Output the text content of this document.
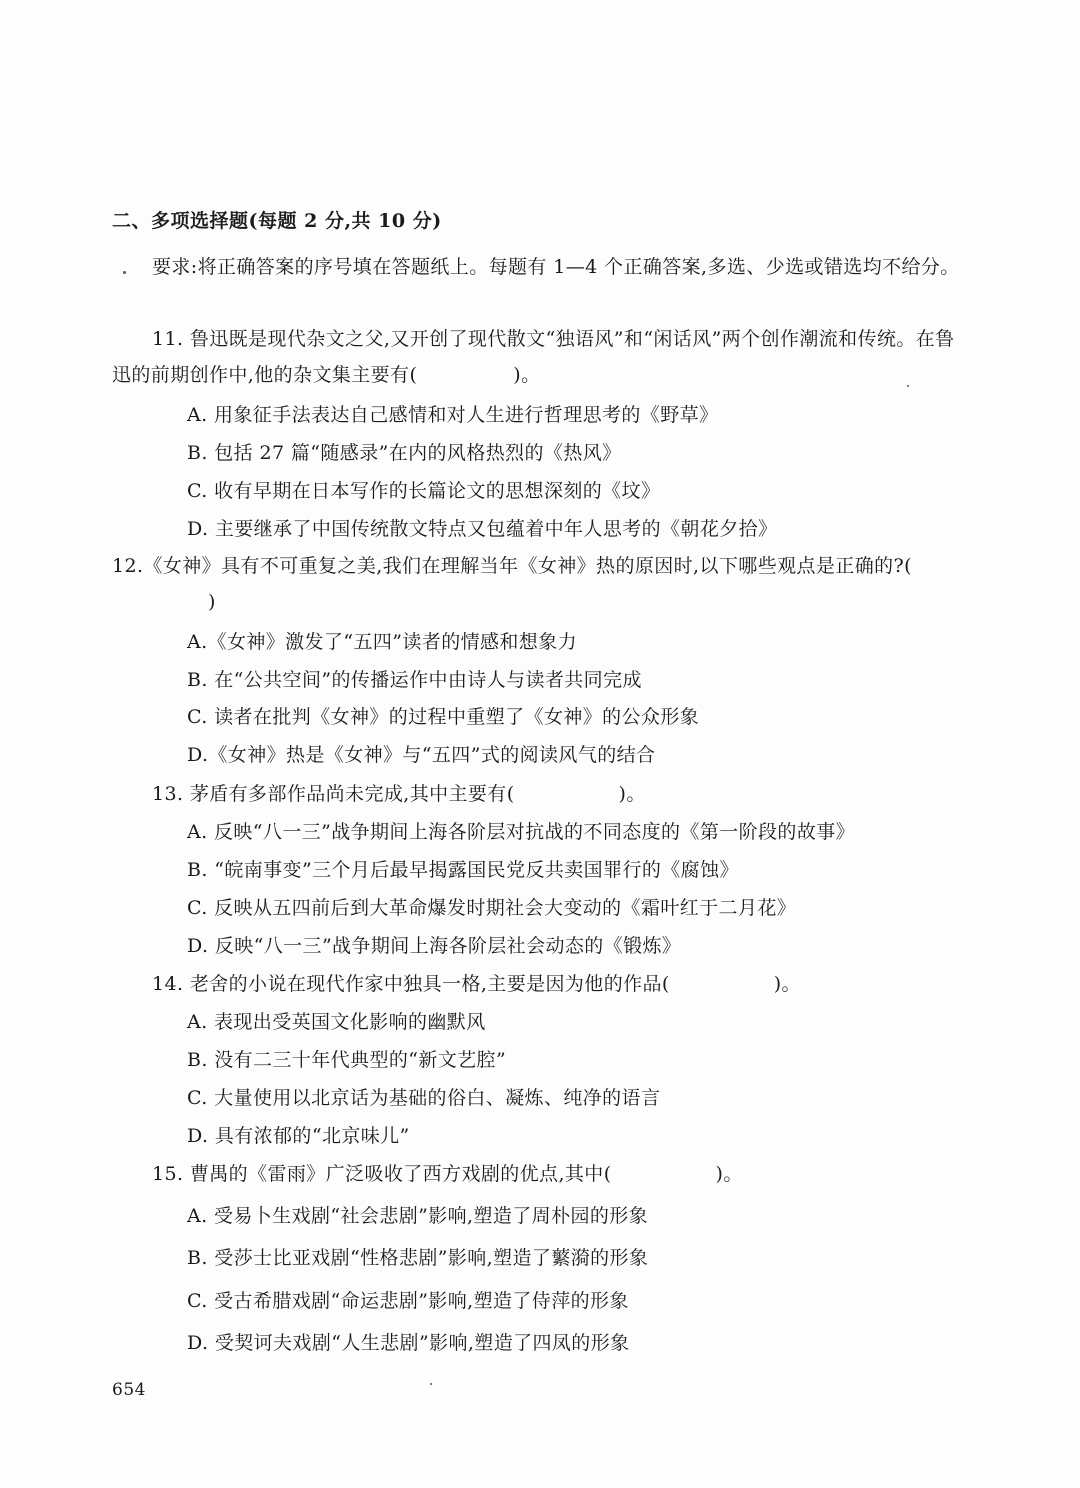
二、多项选择题(每题 2 分,共 10 分)
要求:将正确答案的序号填在答题纸上。每题有 1—4 个正确答案,多选、少选或错选均不给分。
11. 鲁迅既是现代杂文之父,又开创了现代散文“独语风”和“闲话风”两个创作潮流和传统。在鲁迅的前期创作中,他的杂文集主要有(	)。
A. 用象征手法表达自己感情和对人生进行哲理思考的《野草》
B. 包括 27 篇“随感录”在内的风格热烈的《热风》
C. 收有早期在日本写作的长篇论文的思想深刻的《坟》
D. 主要继承了中国传统散文特点又包蕴着中年人思考的《朝花夕拾》
12.《女神》具有不可重复之美,我们在理解当年《女神》热的原因时,以下哪些观点是正确的?()
A.《女神》激发了“五四”读者的情感和想象力
B. 在“公共空间”的传播运作中由诗人与读者共同完成
C. 读者在批判《女神》的过程中重塑了《女神》的公众形象
D.《女神》热是《女神》与“五四”式的阅读风气的结合
13. 茅盾有多部作品尚未完成,其中主要有(	)。
A. 反映“八一三”战争期间上海各阶层对抗战的不同态度的《第一阶段的故事》
B. “皖南事变”三个月后最早揭露国民党反共卖国罪行的《腐蚀》
C. 反映从五四前后到大革命爆发时期社会大变动的《霜叶红于二月花》
D. 反映“八一三”战争期间上海各阶层社会动态的《锻炼》
14. 老舍的小说在现代作家中独具一格,主要是因为他的作品(	)。
A. 表现出受英国文化影响的幽默风
B. 没有二三十年代典型的“新文艺腔”
C. 大量使用以北京话为基础的俗白、凝炼、纯净的语言
D. 具有浓郁的“北京味儿”
15. 曹禺的《雷雨》广泛吸收了西方戏剧的优点,其中(	)。
A. 受易卜生戏剧“社会悲剧”影响,塑造了周朴园的形象
B. 受莎士比亚戏剧“性格悲剧”影响,塑造了蘩漪的形象
C. 受古希腊戏剧“命运悲剧”影响,塑造了侍萍的形象
D. 受契诃夫戏剧“人生悲剧”影响,塑造了四凤的形象
654
